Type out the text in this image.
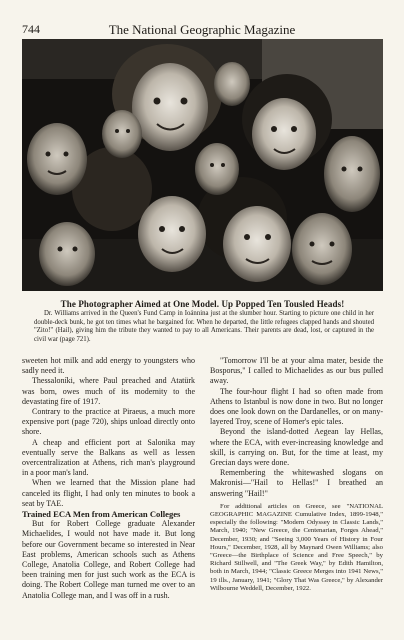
744	The National Geographic Magazine
The Photographer Aimed at One Model. Up Popped Ten Tousled Heads!
Dr. Williams arrived in the Queen's Fund Camp in Ioánnina just at the slumber hour. Starting to picture one child in her double-deck bunk, he got ten times what he bargained for. When he departed, the little refugees clapped hands and shouted "Zito!" (Hail), giving him the tribute they wanted to pay to all Americans. Their parents are dead, lost, or captured in the civil war (page 721).

sweeten hot milk and add energy to youngsters who sadly need it.

Thessaloníki, where Paul preached and Atatürk was born, owes much of its modernity to the devastating fire of 1917.

Contrary to the practice at Piraeus, a much more expensive port (page 720), ships unload directly onto shore.

A cheap and efficient port at Salonika may eventually serve the Balkans as well as lessen overcentralization at Athens, rich man's playground in a poor man's land.

When we learned that the Mission plane had canceled its flight, I had only ten minutes to book a seat by TAE.

Trained ECA Men from American Colleges

But for Robert College graduate Alexander Michaelides, I would not have made it. But long before our Government became so interested in Near East problems, American schools such as Athens College, Anatolia College, and Robert College had been training men for just such work as the ECA is doing. The Robert College man turned me over to an Anatolia College man, and I was off in a rush.

"Tomorrow I'll be at your alma mater, beside the Bosporus," I called to Michaelides as our bus pulled away.

The four-hour flight I had so often made from Athens to Istanbul is now done in two. But no longer does one look down on the Dardanelles, or on many-layered Troy, scene of Homer's epic tales.

Beyond the island-dotted Aegean lay Hellas, where the ECA, with ever-increasing knowledge and skill, is carrying on. But, for the time at least, my Grecian days were done.

Remembering the whitewashed slogans on Makronisi—"Hail to Hellas!" I breathed an answering "Hail!"

For additional articles on Greece, see "NATIONAL GEOGRAPHIC MAGAZINE Cumulative Index, 1899-1948," especially the following: "Modern Odyssey in Classic Lands," March, 1940; "New Greece, the Centenarian, Forges Ahead," December, 1930; and "Seeing 3,000 Years of History in Four Hours," December, 1928, all by Maynard Owen Williams; also "Greece—the Birthplace of Science and Free Speech," by Richard Stillwell, and "The Greek Way," by Edith Hamilton, both in March, 1944; "Classic Greece Merges into 1941 News," 19 ills., January, 1941; "Glory That Was Greece," by Alexander Wilbourne Weddell, December, 1922.
